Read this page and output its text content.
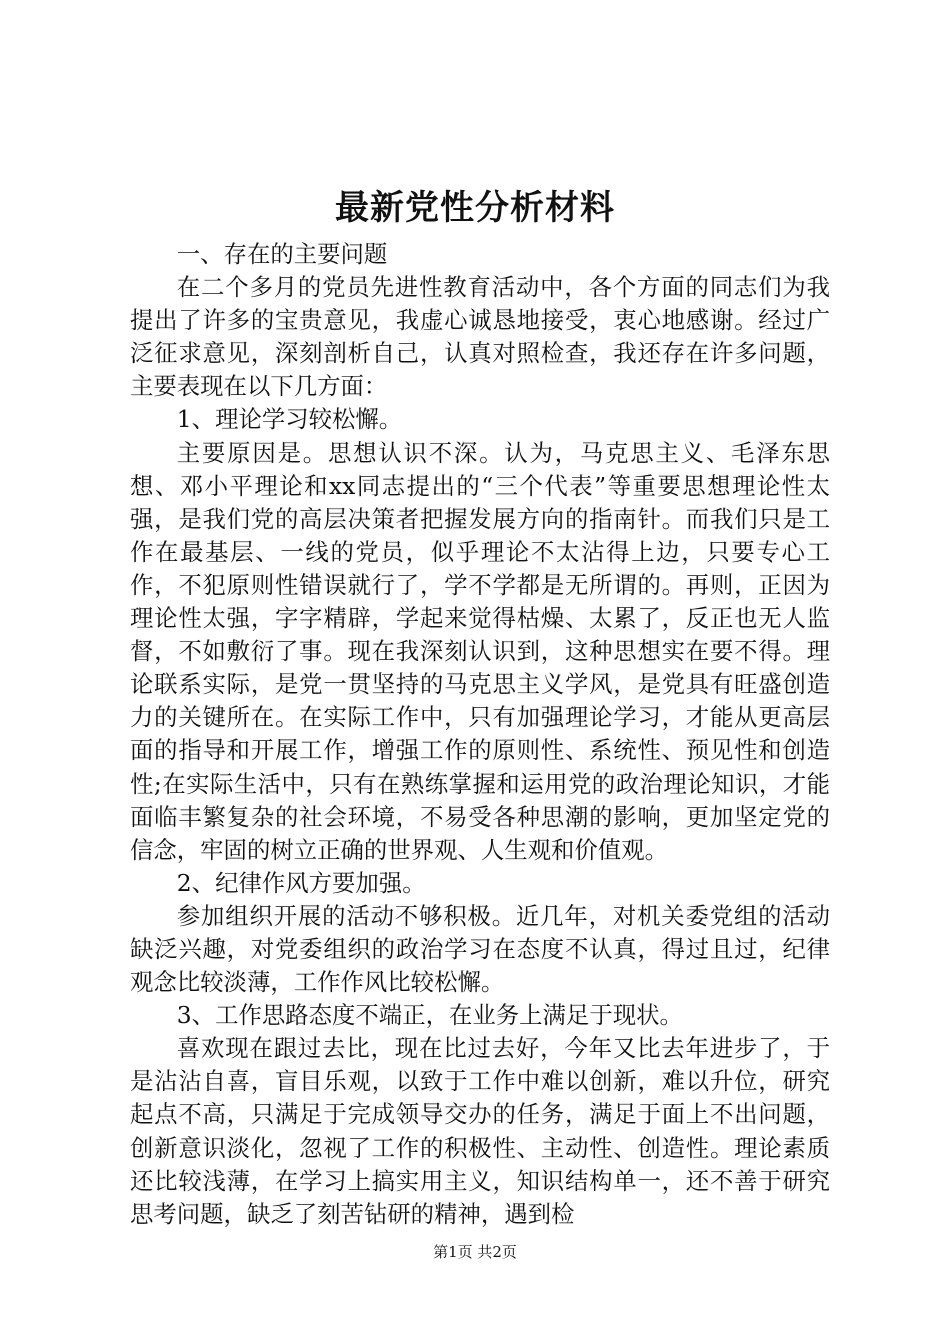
最新党性分析材料

一、存在的主要问题

在二个多月的党员先进性教育活动中，各个方面的同志们为我提出了许多的宝贵意见，我虚心诚恳地接受，衷心地感谢。经过广泛征求意见，深刻剖析自己，认真对照检查，我还存在许多问题，主要表现在以下几方面：

1、理论学习较松懈。

主要原因是。思想认识不深。认为，马克思主义、毛泽东思想、邓小平理论和xx同志提出的“三个代表”等重要思想理论性太强，是我们党的高层决策者把握发展方向的指南针。而我们只是工作在最基层、一线的党员，似乎理论不太沾得上边，只要专心工作，不犯原则性错误就行了，学不学都是无所谓的。再则，正因为理论性太强，字字精辟，学起来觉得枯燥、太累了，反正也无人监督，不如敷衍了事。现在我深刻认识到，这种思想实在要不得。理论联系实际，是党一贯坚持的马克思主义学风，是党具有旺盛创造力的关键所在。在实际工作中，只有加强理论学习，才能从更高层面的指导和开展工作，增强工作的原则性、系统性、预见性和创造性;在实际生活中，只有在熟练掌握和运用党的政治理论知识，才能面临丰繁复杂的社会环境，不易受各种思潮的影响，更加坚定党的信念，牢固的树立正确的世界观、人生观和价值观。

2、纪律作风方要加强。

参加组织开展的活动不够积极。近几年，对机关委党组的活动缺泛兴趣，对党委组织的政治学习在态度不认真，得过且过，纪律观念比较淡薄，工作作风比较松懈。

3、工作思路态度不端正，在业务上满足于现状。

喜欢现在跟过去比，现在比过去好，今年又比去年进步了，于是沾沾自喜，盲目乐观，以致于工作中难以创新，难以升位，研究起点不高，只满足于完成领导交办的任务，满足于面上不出问题，创新意识淡化，忽视了工作的积极性、主动性、创造性。理论素质还比较浅薄，在学习上搞实用主义，知识结构单一，还不善于研究思考问题，缺乏了刻苦钻研的精神，遇到检

第1页 共2页
